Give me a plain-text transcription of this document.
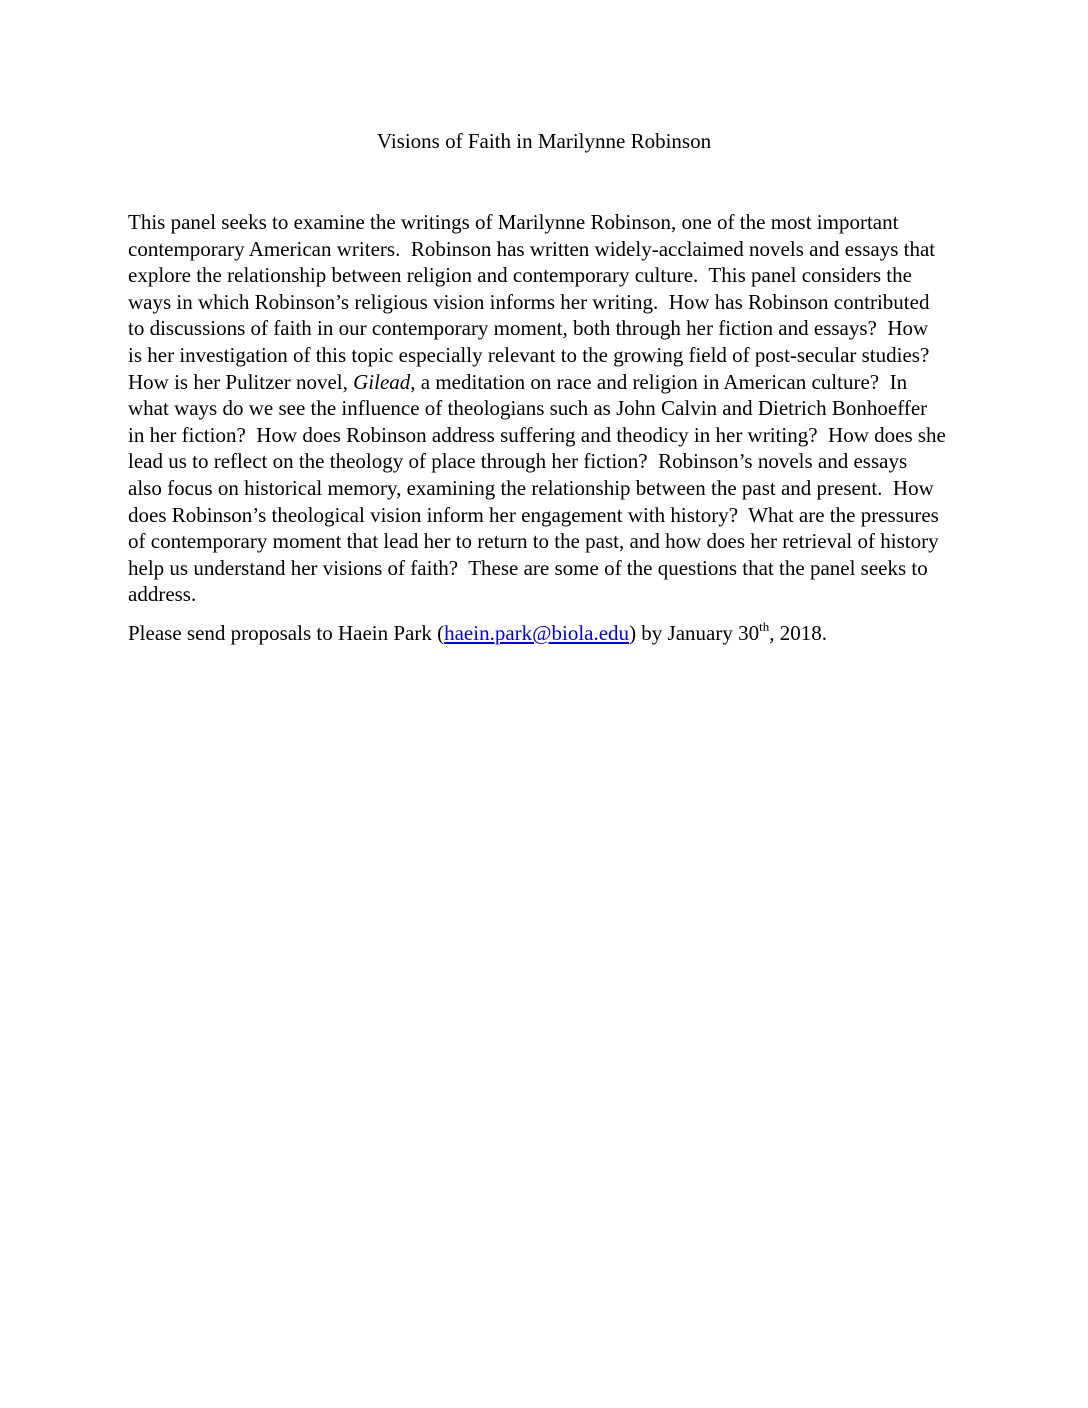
Visions of Faith in Marilynne Robinson
This panel seeks to examine the writings of Marilynne Robinson, one of the most important
contemporary American writers.  Robinson has written widely-acclaimed novels and essays that
explore the relationship between religion and contemporary culture.  This panel considers the
ways in which Robinson’s religious vision informs her writing.  How has Robinson contributed
to discussions of faith in our contemporary moment, both through her fiction and essays?  How
is her investigation of this topic especially relevant to the growing field of post-secular studies?
How is her Pulitzer novel, Gilead, a meditation on race and religion in American culture?  In
what ways do we see the influence of theologians such as John Calvin and Dietrich Bonhoeffer
in her fiction?  How does Robinson address suffering and theodicy in her writing?  How does she
lead us to reflect on the theology of place through her fiction?  Robinson’s novels and essays
also focus on historical memory, examining the relationship between the past and present.  How
does Robinson’s theological vision inform her engagement with history?  What are the pressures
of contemporary moment that lead her to return to the past, and how does her retrieval of history
help us understand her visions of faith?  These are some of the questions that the panel seeks to
address.
Please send proposals to Haein Park (haein.park@biola.edu) by January 30th, 2018.
